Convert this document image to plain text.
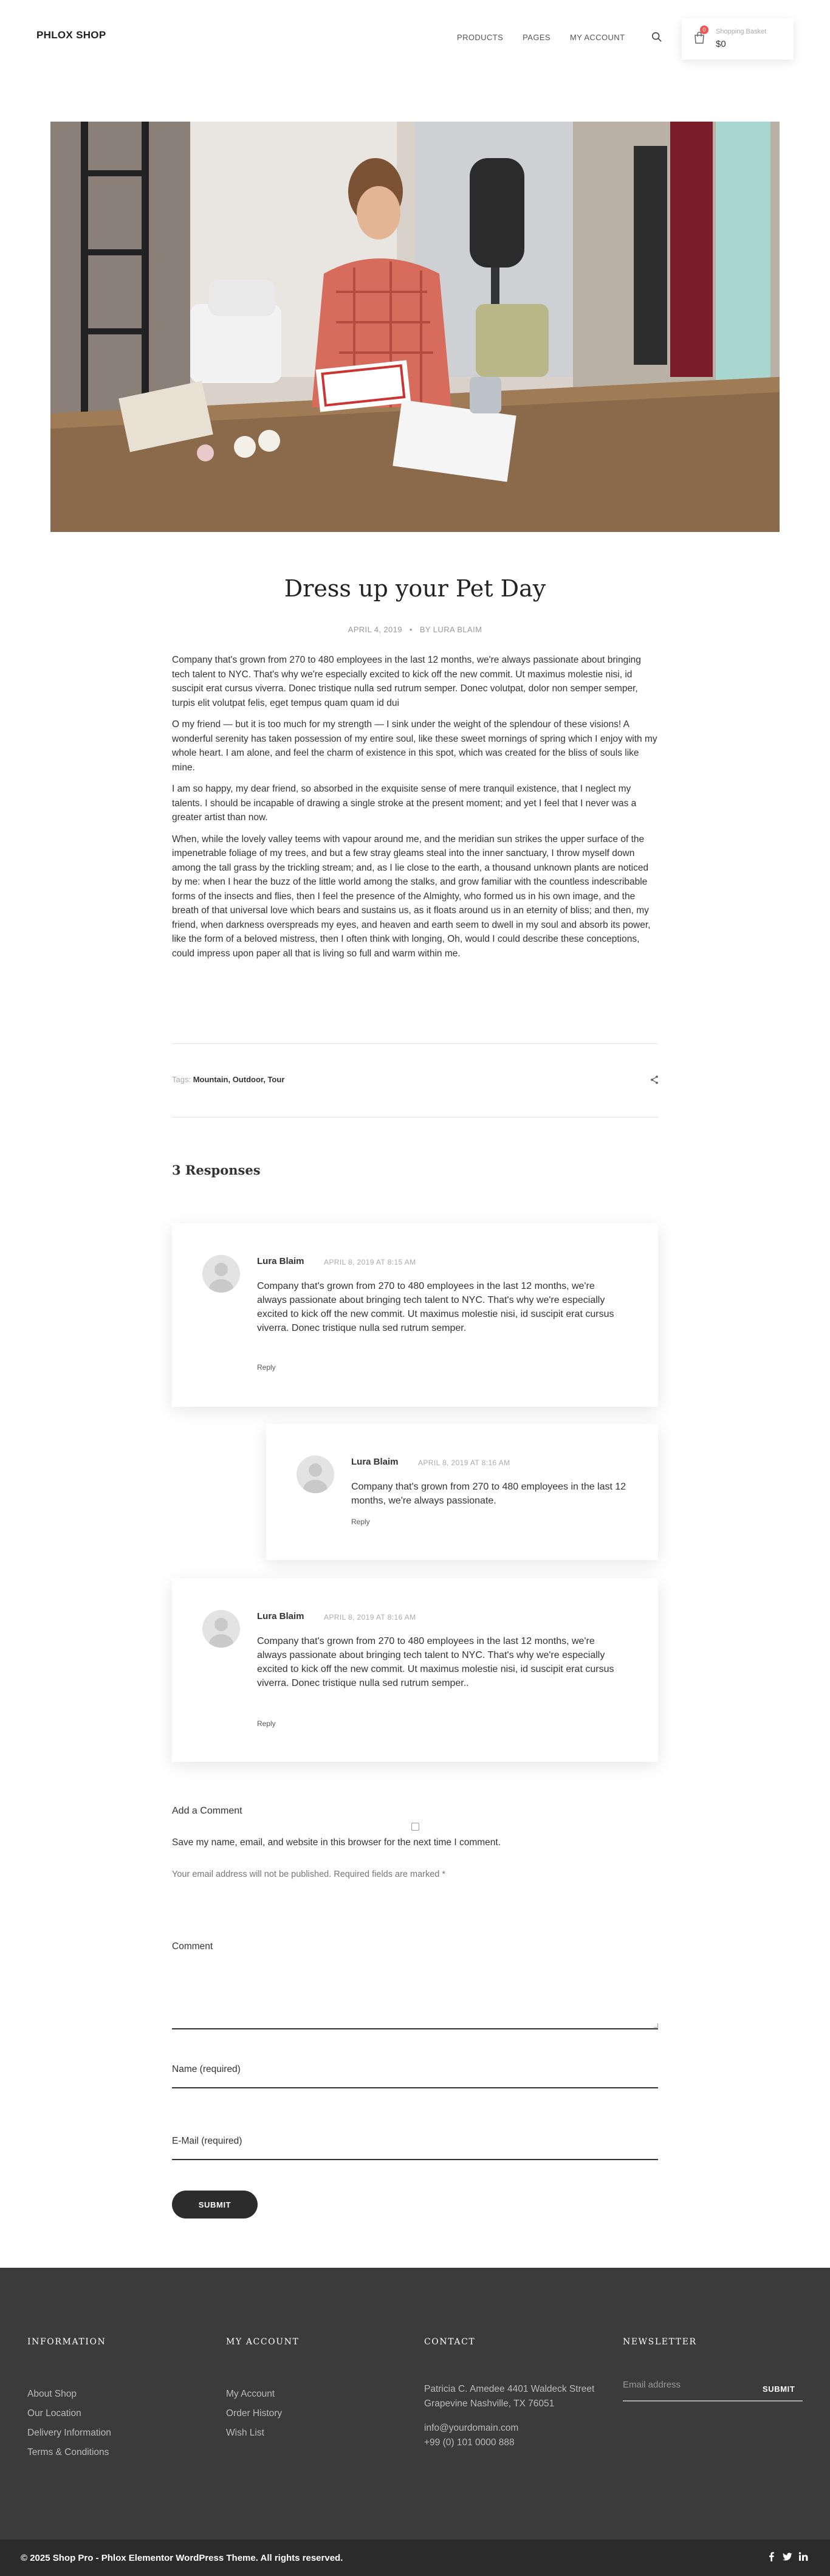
PHLOX SHOP	PRODUCTS PAGES MY ACCOUNT
0	Shopping Basket
$0
Dress up your Pet Day
APRIL 4, 2019 • BY LURA BLAIM

Company that's grown from 270 to 480 employees in the last 12 months, we're always passionate about bringing tech talent to NYC. That's why we're especially excited to kick off the new commit. Ut maximus molestie nisi, id suscipit erat cursus viverra. Donec tristique nulla sed rutrum semper. Donec volutpat, dolor non semper semper, turpis elit volutpat felis, eget tempus quam quam id dui

O my friend — but it is too much for my strength — I sink under the weight of the splendour of these visions! A wonderful serenity has taken possession of my entire soul, like these sweet mornings of spring which I enjoy with my whole heart. I am alone, and feel the charm of existence in this spot, which was created for the bliss of souls like mine.

I am so happy, my dear friend, so absorbed in the exquisite sense of mere tranquil existence, that I neglect my talents. I should be incapable of drawing a single stroke at the present moment; and yet I feel that I never was a greater artist than now.

When, while the lovely valley teems with vapour around me, and the meridian sun strikes the upper surface of the impenetrable foliage of my trees, and but a few stray gleams steal into the inner sanctuary, I throw myself down among the tall grass by the trickling stream; and, as I lie close to the earth, a thousand unknown plants are noticed by me: when I hear the buzz of the little world among the stalks, and grow familiar with the countless indescribable forms of the insects and flies, then I feel the presence of the Almighty, who formed us in his own image, and the breath of that universal love which bears and sustains us, as it floats around us in an eternity of bliss; and then, my friend, when darkness overspreads my eyes, and heaven and earth seem to dwell in my soul and absorb its power, like the form of a beloved mistress, then I often think with longing, Oh, would I could describe these conceptions, could impress upon paper all that is living so full and warm within me.

Tags: Mountain, Outdoor, Tour
3 Responses
Lura Blaim	APRIL 8, 2019 AT 8:15 AM
Company that's grown from 270 to 480 employees in the last 12 months, we're always passionate about bringing tech talent to NYC. That's why we're especially excited to kick off the new commit. Ut maximus molestie nisi, id suscipit erat cursus viverra. Donec tristique nulla sed rutrum semper.
Reply
Lura Blaim	APRIL 8, 2019 AT 8:16 AM
Company that's grown from 270 to 480 employees in the last 12 months, we're always passionate.
Reply
Lura Blaim	APRIL 8, 2019 AT 8:16 AM
Company that's grown from 270 to 480 employees in the last 12 months, we're always passionate about bringing tech talent to NYC. That's why we're especially excited to kick off the new commit. Ut maximus molestie nisi, id suscipit erat cursus viverra. Donec tristique nulla sed rutrum semper..
Reply
Add a Comment
Save my name, email, and website in this browser for the next time I comment.
Your email address will not be published. Required fields are marked *
Comment
Name (required)
E-Mail (required)
SUBMIT
INFORMATION
About Shop
Our Location
Delivery Information
Terms & Conditions
MY ACCOUNT
My Account
Order History
Wish List
CONTACT
Patricia C. Amedee 4401 Waldeck Street Grapevine Nashville, TX 76051
info@yourdomain.com
+99 (0) 101 0000 888
NEWSLETTER
Email address
SUBMIT
© 2025 Shop Pro - Phlox Elementor WordPress Theme. All rights reserved.
